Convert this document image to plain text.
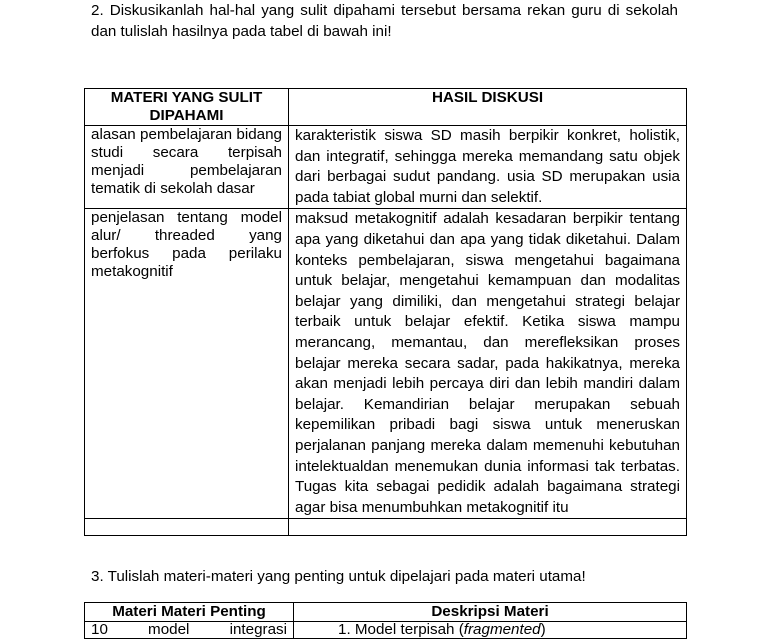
2. Diskusikanlah hal-hal yang sulit dipahami tersebut bersama rekan guru di sekolah dan tulislah hasilnya pada tabel di bawah ini!
MATERI YANG SULIT DIPAHAMI	HASIL DISKUSI
alasan pembelajaran bidang studi secara terpisah menjadi pembelajaran tematik di sekolah dasar	karakteristik siswa SD masih berpikir konkret, holistik, dan integratif, sehingga mereka memandang satu objek dari berbagai sudut pandang. usia SD merupakan usia pada tabiat global murni dan selektif.
penjelasan tentang model alur/ threaded yang berfokus pada perilaku metakognitif	maksud metakognitif adalah kesadaran berpikir tentang apa yang diketahui dan apa yang tidak diketahui. Dalam konteks pembelajaran, siswa mengetahui bagaimana untuk belajar, mengetahui kemampuan dan modalitas belajar yang dimiliki, dan mengetahui strategi belajar terbaik untuk belajar efektif. Ketika siswa mampu merancang, memantau, dan merefleksikan proses belajar mereka secara sadar, pada hakikatnya, mereka akan menjadi lebih percaya diri dan lebih mandiri dalam belajar. Kemandirian belajar merupakan sebuah kepemilikan pribadi bagi siswa untuk meneruskan perjalanan panjang mereka dalam memenuhi kebutuhan intelektualdan menemukan dunia informasi tak terbatas. Tugas kita sebagai pedidik adalah bagaimana strategi agar bisa menumbuhkan metakognitif itu

3. Tulislah materi-materi yang penting untuk dipelajari pada materi utama!
Materi Materi Penting	Deskripsi Materi
10 model integrasi	1. Model terpisah (fragmented)
